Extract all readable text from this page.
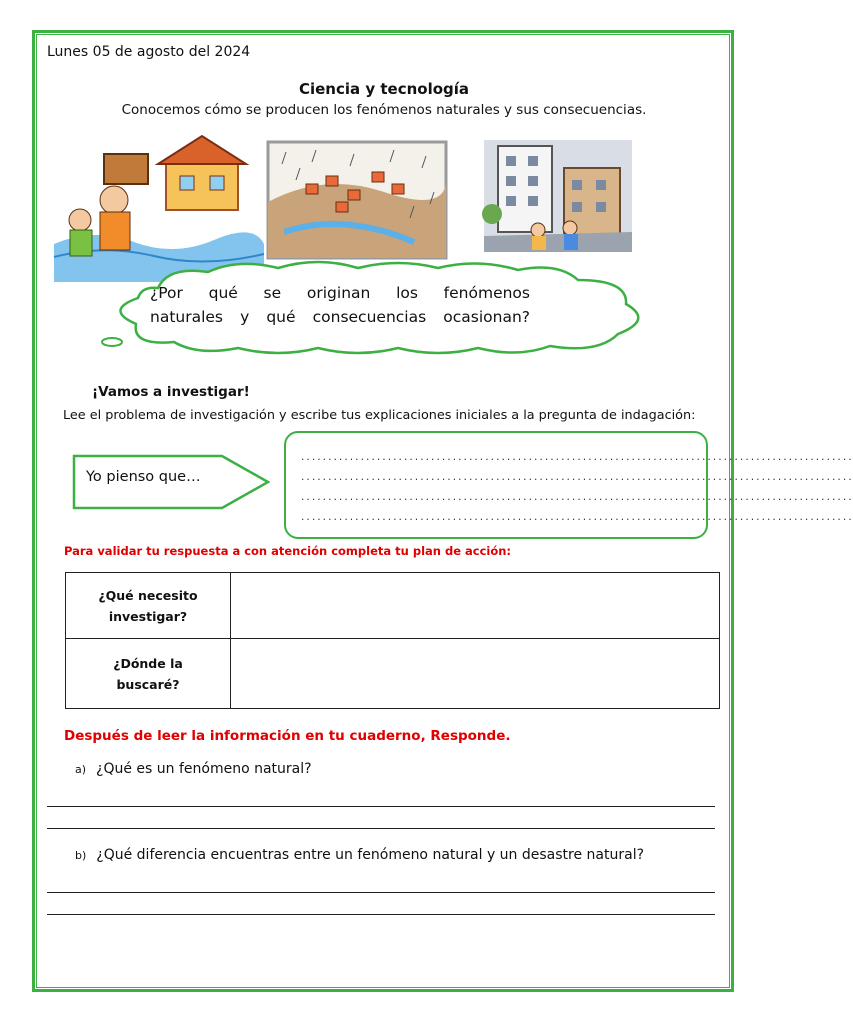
Lunes 05 de agosto del 2024
Ciencia y tecnología
Conocemos cómo se producen los fenómenos naturales y sus consecuencias.
¿Por qué se originan los fenómenos
naturales y qué consecuencias ocasionan?
¡Vamos a investigar!
Lee el problema de investigación y escribe tus explicaciones iniciales a la pregunta de indagación:
Yo pienso que…
......................................................................................................
......................................................................................................
......................................................................................................
......................................................................................................
Para validar tu respuesta a con atención completa tu plan de acción:
¿Qué necesito
investigar?	

¿Dónde la
buscaré?	

Después de leer la información en tu cuaderno, Responde.
a) ¿Qué es un fenómeno natural?
b) ¿Qué diferencia encuentras entre un fenómeno natural y un desastre natural?
